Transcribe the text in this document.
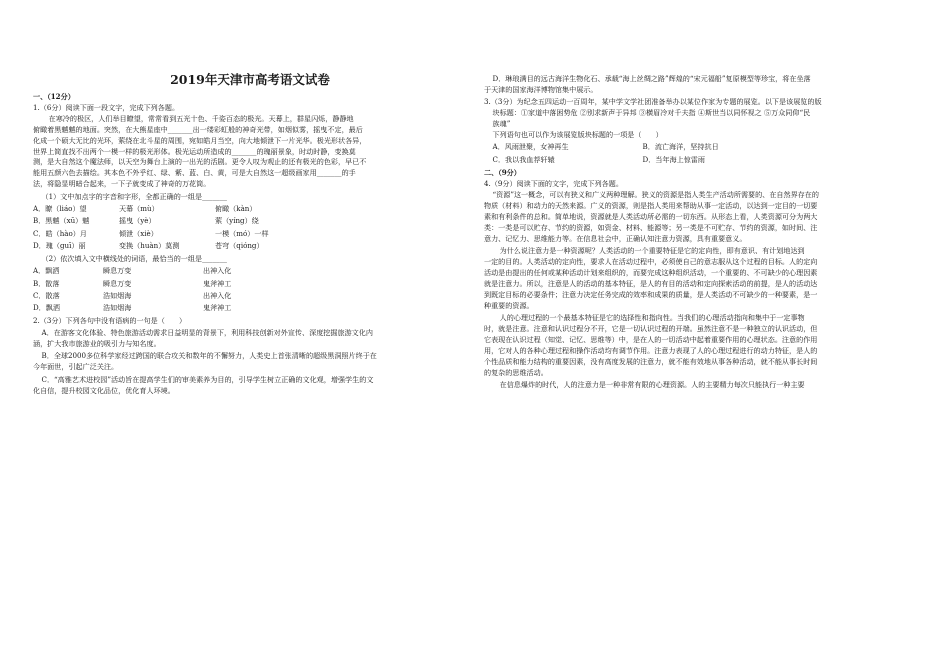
2019年天津市高考语文试卷
一、（12分）
1.（6分）阅读下面一段文字，完成下列各题。
在寒冷的极区，人们举目瞭望，常常看到五光十色、千姿百态的极光。天幕上，群星闪烁，静静地
俯瞰着黑魆魆的地面。突然，在大熊星座中_______出一缕彩虹般的神奇光带，如烟似雾，摇曳不定，最后
化成一个硕大无比的光环，萦绕在北斗星的周围，宛如皓月当空，向大地倾泄下一片光华。极光形状各异，
世界上简直找不出两个一模一样的极光形体。极光运动所造成的_______的瑰丽景象，时动时静，变换莫
测，是大自然这个魔法师，以天空为舞台上演的一出光的活剧。更令人叹为观止的还有极光的色彩，早已不
能用五颜六色去描绘。其本色不外乎红、绿、紫、蓝、白、黄，可是大自然这一超级画家用_______的手
法，将隐显明暗合起来，一下子就变成了神奇的万花筒。
（1）文中加点字的字音和字形，全都正确的一组是_______
A．瞭（liáo）望	天幕（mù）	俯瞰（kàn）
B．黑魆（xū）魆	摇曳（yè）	萦（yíng）绕
C．皓（hào）月	倾泄（xiè）	一模（mó）一样
D．瑰（guī）丽	变换（huàn）莫测	苍穹（qióng）
（2）依次填入文中横线处的词语，最恰当的一组是_______
A．飘洒	瞬息万变	出神入化
B．散落	瞬息万变	鬼斧神工
C．散落	浩如烟海	出神入化
D．飘洒	浩如烟海	鬼斧神工
2.（3分）下列各句中没有语病的一句是（　　）
A．在游客文化体验、特色旅游活动需求日益明显的背景下，利用科技创新对外宣传、深度挖掘旅游文化内
涵，扩大我市旅游业的吸引力与知名度。
B．全球2000多位科学家经过跨国的联合攻关和数年的不懈努力，人类史上首张清晰的超级黑洞照片终于在
今年面世，引起广泛关注。
C．“高雅艺术进校园”活动旨在提高学生们的审美素养为目的，引导学生树立正确的文化观，增强学生的文
化自信，提升校园文化品位，优化育人环境。
D．琳琅满目的远古海洋生物化石、承载“海上丝绸之路”辉煌的“宋元福船”复原模型等珍宝，将在坐落
于天津的国家海洋博物馆集中展示。
3.（3分）为纪念五四运动一百周年，某中学文学社团准备举办以某位作家为专题的展览。以下是该展览的版
块标题：①家道中落困势危 ②别求新声于异邦 ③横眉冷对千夫指 ④斯世当以同怀视之 ⑤万众同仰“民
族魂”
下列语句也可以作为该展览版块标题的一项是（　　）
A．风雨泄聚，女神再生	B．流亡海洋，坚持抗日
C．我以我血荐轩辕	D．当年海上惊雷雨
二、（9分）
4.（9分）阅读下面的文字，完成下列各题。
“资源”这一概念，可以有狭义和广义两种理解。狭义的资源是指人类生产活动所需要的、在自然界存在的
物质（材料）和动力的天然来源。广义的资源，则是指人类用来帮助从事一定活动，以达到一定目的一切要
素和有利条件的总和。简单地说，资源就是人类活动所必需的一切东西。从形态上看，人类资源可分为两大
类：一类是可以贮存、节约的资源，如资金、材料、能源等；另一类是不可贮存、节约的资源，如时间、注
意力、记忆力、思维能力等。在信息社会中，正确认知注意力资源，具有重要意义。
为什么说注意力是一种资源呢？人类活动的一个重要特征是它的定向性，即有意识、有计划地达到
一定的目的。人类活动的定向性，要求人在活动过程中，必须使自己的意志服从这个过程的目标。人的定向
活动是由提出的任何或某种活动计划来组织的，而要完成这种组织活动，一个重要的、不可缺少的心理因素
就是注意力。所以，注意是人的活动的基本特征，是人的有目的活动和定向探索活动的前提，是人的活动达
到既定目标的必要条件；注意力决定任务完成的效率和成果的质量，是人类活动不可缺少的一种要素，是一
种重要的资源。
人的心理过程的一个最基本特征是它的选择性和指向性。当我们的心理活动指向和集中于一定事物
时，就是注意。注意和认识过程分不开，它是一切认识过程的开端。虽然注意不是一种独立的认识活动，但
它表现在认识过程（知觉、记忆、思维等）中，是在人的一切活动中起着重要作用的心理状态。注意的作用
用，它对人的各种心理过程和操作活动均有调节作用。注意力表现了人的心理过程进行的动力特征，是人的
个性品质和能力结构的重要因素，没有高度发展的注意力，就不能有效地从事各种活动，就不能从事长时间
的复杂的思维活动。
在信息爆炸的时代，人的注意力是一种非常有限的心理资源。人的主要精力每次只能执行一种主要
